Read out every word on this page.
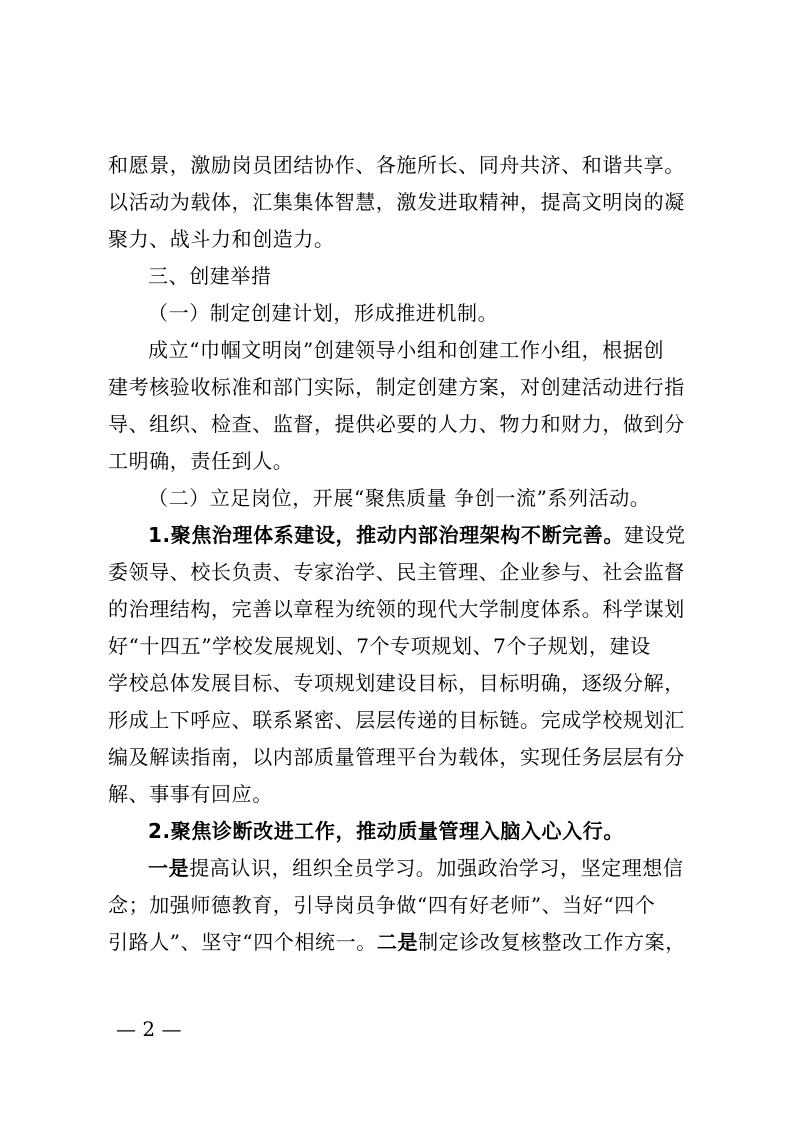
和愿景，激励岗员团结协作、各施所长、同舟共济、和谐共享。
以活动为载体，汇集集体智慧，激发进取精神，提高文明岗的凝
聚力、战斗力和创造力。
三、创建举措
（一）制定创建计划，形成推进机制。
成立“巾帼文明岗”创建领导小组和创建工作小组，根据创
建考核验收标准和部门实际，制定创建方案，对创建活动进行指
导、组织、检查、监督，提供必要的人力、物力和财力，做到分
工明确，责任到人。
（二）立足岗位，开展“聚焦质量 争创一流”系列活动。
1.聚焦治理体系建设，推动内部治理架构不断完善。建设党
委领导、校长负责、专家治学、民主管理、企业参与、社会监督
的治理结构，完善以章程为统领的现代大学制度体系。科学谋划
好“十四五”学校发展规划、7个专项规划、7个子规划，建设
学校总体发展目标、专项规划建设目标，目标明确，逐级分解，
形成上下呼应、联系紧密、层层传递的目标链。完成学校规划汇
编及解读指南，以内部质量管理平台为载体，实现任务层层有分
解、事事有回应。
2.聚焦诊断改进工作，推动质量管理入脑入心入行。
一是提高认识，组织全员学习。加强政治学习，坚定理想信
念；加强师德教育，引导岗员争做“四有好老师”、当好“四个
引路人”、坚守“四个相统一。二是制定诊改复核整改工作方案，
— 2 —
